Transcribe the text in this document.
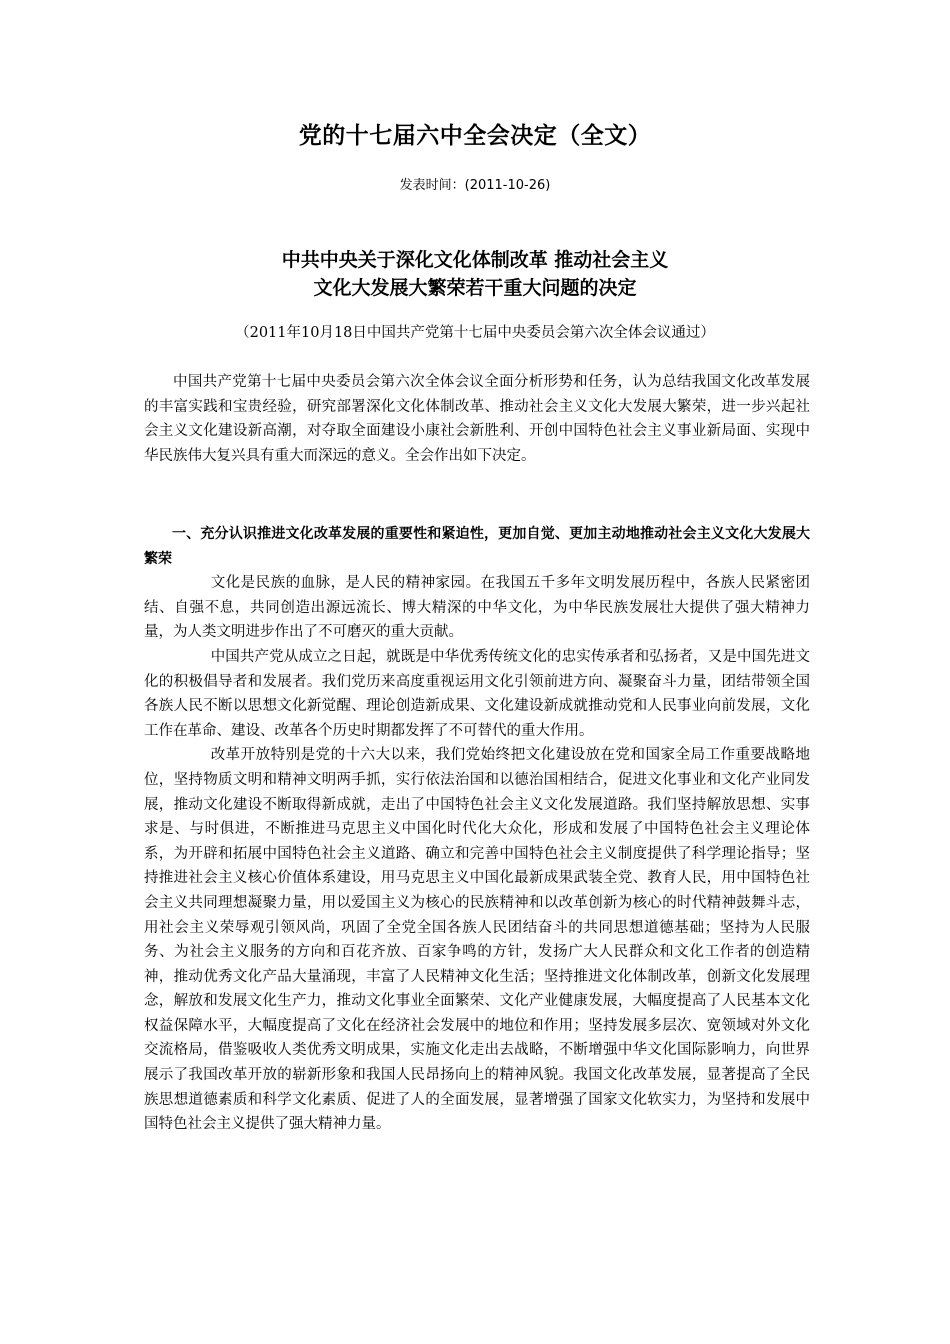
党的十七届六中全会决定（全文）
发表时间：(2011-10-26)
中共中央关于深化文化体制改革 推动社会主义
文化大发展大繁荣若干重大问题的决定
（2011年10月18日中国共产党第十七届中央委员会第六次全体会议通过）

中国共产党第十七届中央委员会第六次全体会议全面分析形势和任务，认为总结我国文化改革发展的丰富实践和宝贵经验，研究部署深化文化体制改革、推动社会主义文化大发展大繁荣，进一步兴起社会主义文化建设新高潮，对夺取全面建设小康社会新胜利、开创中国特色社会主义事业新局面、实现中华民族伟大复兴具有重大而深远的意义。全会作出如下决定。

一、充分认识推进文化改革发展的重要性和紧迫性，更加自觉、更加主动地推动社会主义文化大发展大繁荣

文化是民族的血脉，是人民的精神家园。在我国五千多年文明发展历程中，各族人民紧密团结、自强不息，共同创造出源远流长、博大精深的中华文化，为中华民族发展壮大提供了强大精神力量，为人类文明进步作出了不可磨灭的重大贡献。

中国共产党从成立之日起，就既是中华优秀传统文化的忠实传承者和弘扬者，又是中国先进文化的积极倡导者和发展者。我们党历来高度重视运用文化引领前进方向、凝聚奋斗力量，团结带领全国各族人民不断以思想文化新觉醒、理论创造新成果、文化建设新成就推动党和人民事业向前发展，文化工作在革命、建设、改革各个历史时期都发挥了不可替代的重大作用。

改革开放特别是党的十六大以来，我们党始终把文化建设放在党和国家全局工作重要战略地位，坚持物质文明和精神文明两手抓，实行依法治国和以德治国相结合，促进文化事业和文化产业同发展，推动文化建设不断取得新成就，走出了中国特色社会主义文化发展道路。我们坚持解放思想、实事求是、与时俱进，不断推进马克思主义中国化时代化大众化，形成和发展了中国特色社会主义理论体系，为开辟和拓展中国特色社会主义道路、确立和完善中国特色社会主义制度提供了科学理论指导；坚持推进社会主义核心价值体系建设，用马克思主义中国化最新成果武装全党、教育人民，用中国特色社会主义共同理想凝聚力量，用以爱国主义为核心的民族精神和以改革创新为核心的时代精神鼓舞斗志，用社会主义荣辱观引领风尚，巩固了全党全国各族人民团结奋斗的共同思想道德基础；坚持为人民服务、为社会主义服务的方向和百花齐放、百家争鸣的方针，发扬广大人民群众和文化工作者的创造精神，推动优秀文化产品大量涌现，丰富了人民精神文化生活；坚持推进文化体制改革，创新文化发展理念，解放和发展文化生产力，推动文化事业全面繁荣、文化产业健康发展，大幅度提高了人民基本文化权益保障水平，大幅度提高了文化在经济社会发展中的地位和作用；坚持发展多层次、宽领域对外文化交流格局，借鉴吸收人类优秀文明成果，实施文化走出去战略，不断增强中华文化国际影响力，向世界展示了我国改革开放的崭新形象和我国人民昂扬向上的精神风貌。我国文化改革发展，显著提高了全民族思想道德素质和科学文化素质、促进了人的全面发展，显著增强了国家文化软实力，为坚持和发展中国特色社会主义提供了强大精神力量。
